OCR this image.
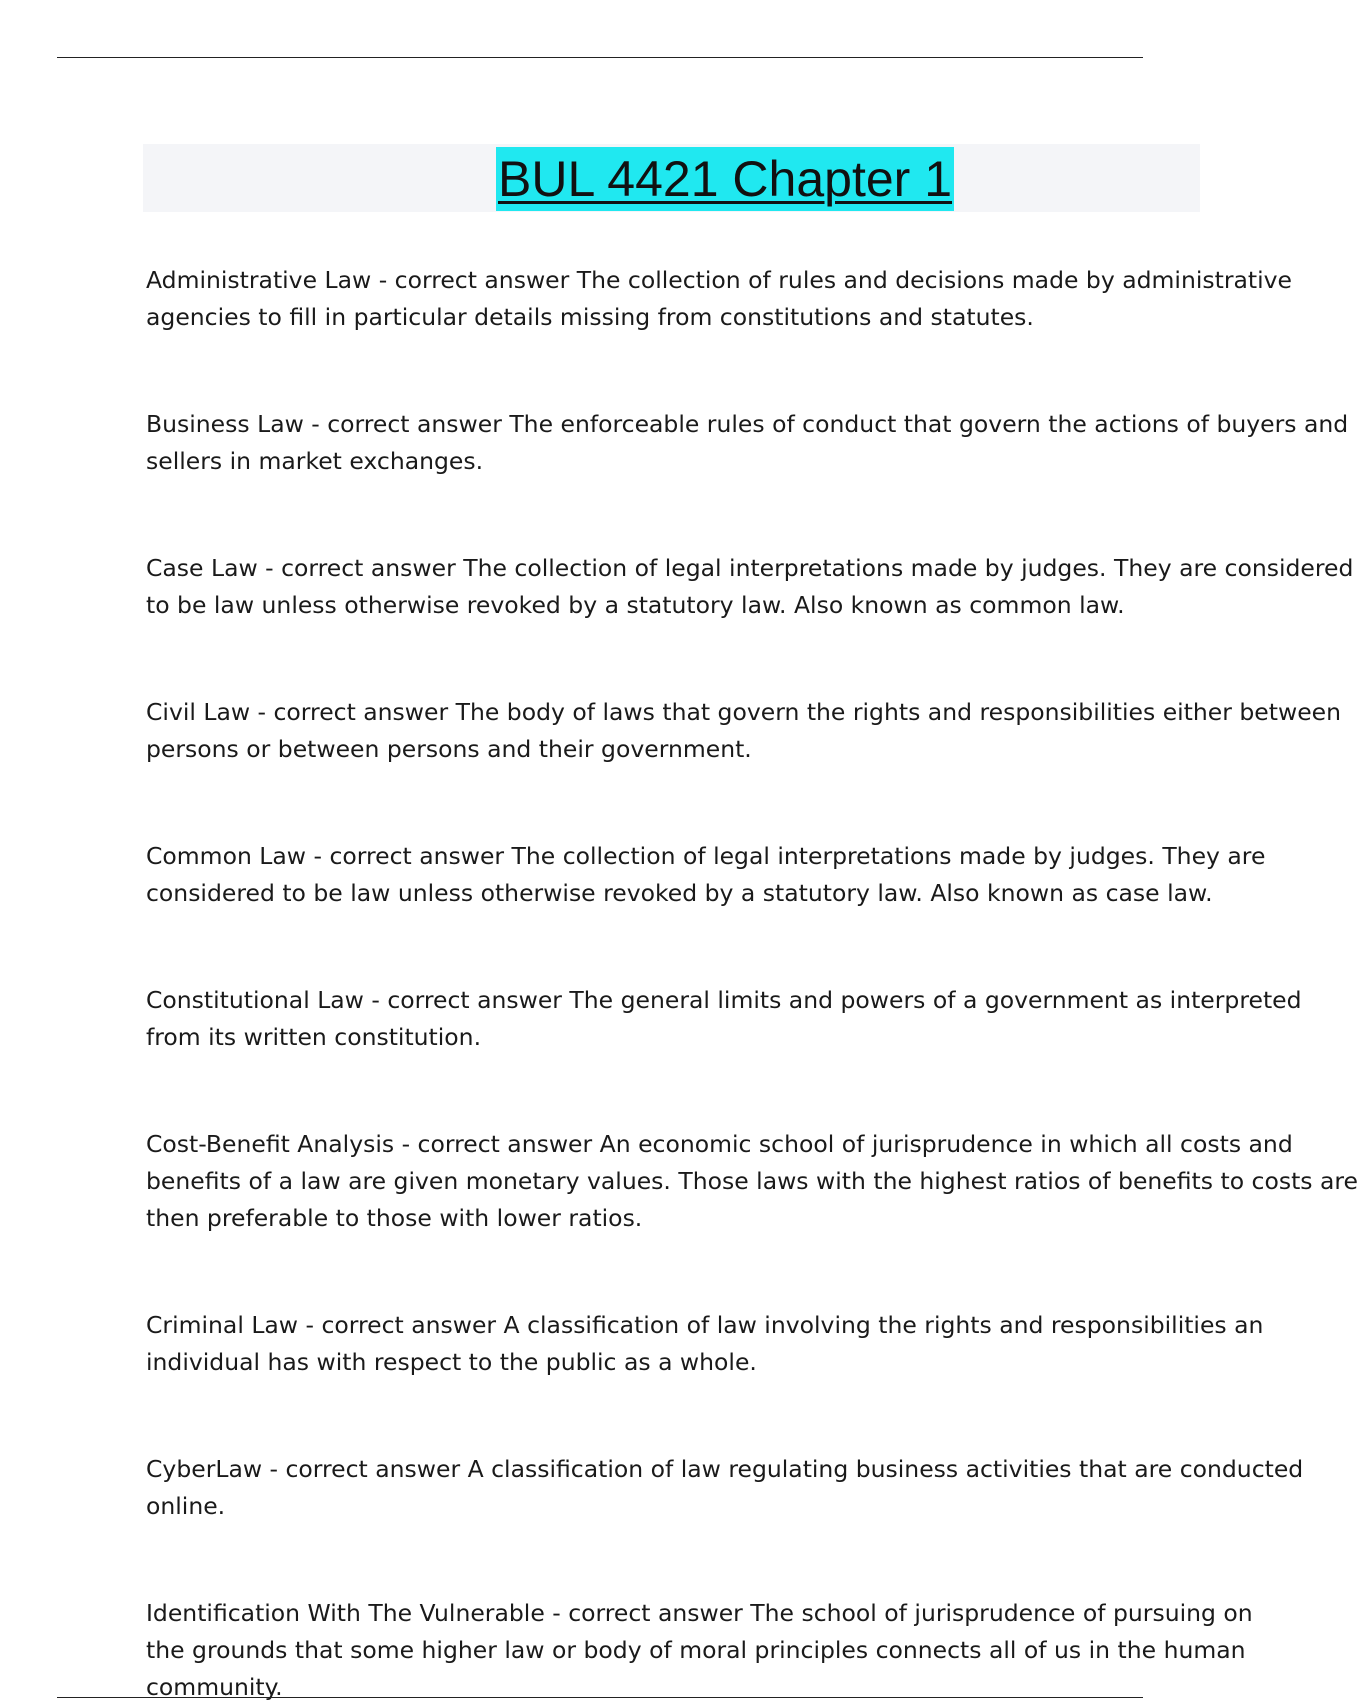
BUL 4421 Chapter 1
Administrative Law - correct answer The collection of rules and decisions made by administrative
agencies to fill in particular details missing from constitutions and statutes.
Business Law - correct answer The enforceable rules of conduct that govern the actions of buyers and
sellers in market exchanges.
Case Law - correct answer The collection of legal interpretations made by judges. They are considered
to be law unless otherwise revoked by a statutory law. Also known as common law.
Civil Law - correct answer The body of laws that govern the rights and responsibilities either between
persons or between persons and their government.
Common Law - correct answer The collection of legal interpretations made by judges. They are
considered to be law unless otherwise revoked by a statutory law. Also known as case law.
Constitutional Law - correct answer The general limits and powers of a government as interpreted
from its written constitution.
Cost-Benefit Analysis - correct answer An economic school of jurisprudence in which all costs and
benefits of a law are given monetary values. Those laws with the highest ratios of benefits to costs are
then preferable to those with lower ratios.
Criminal Law - correct answer A classification of law involving the rights and responsibilities an
individual has with respect to the public as a whole.
CyberLaw - correct answer A classification of law regulating business activities that are conducted
online.
Identification With The Vulnerable - correct answer The school of jurisprudence of pursuing on
the grounds that some higher law or body of moral principles connects all of us in the human
community.
